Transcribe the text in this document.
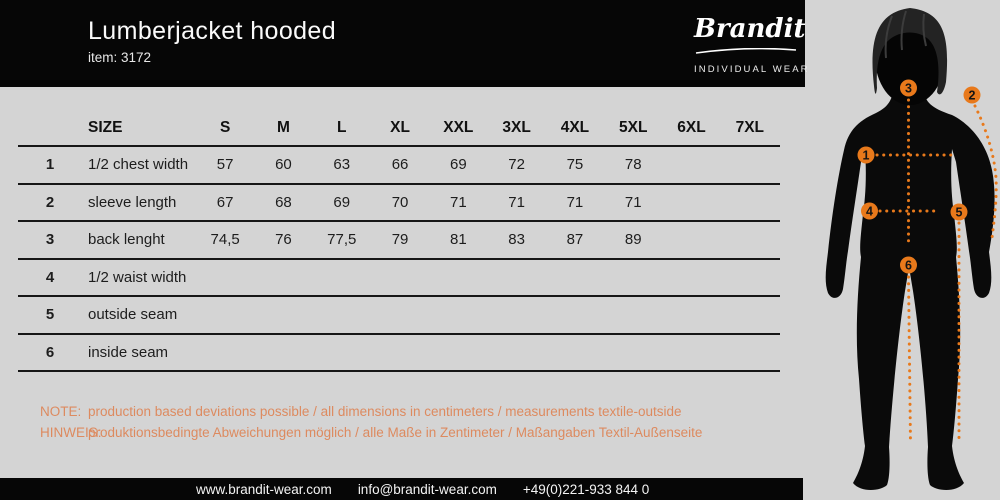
Lumberjacket hooded
item: 3172
Brandit
INDIVIDUAL WEAR
SIZE	S	M	L	XL	XXL	3XL	4XL	5XL	6XL	7XL
1	1/2 chest width	57	60	63	66	69	72	75	78
2	sleeve length	67	68	69	70	71	71	71	71
3	back lenght	74,5	76	77,5	79	81	83	87	89
4	1/2 waist width
5	outside seam
6	inside seam
NOTE: production based deviations possible / all dimensions in centimeters / measurements textile-outside
HINWEIS:
produktionsbedingte Abweichungen möglich / alle Maße in Zentimeter / Maßangaben Textil-Außenseite
www.brandit-wear.com info@brandit-wear.com +49(0)221-933 844 0
1
2
3
4	5
6
